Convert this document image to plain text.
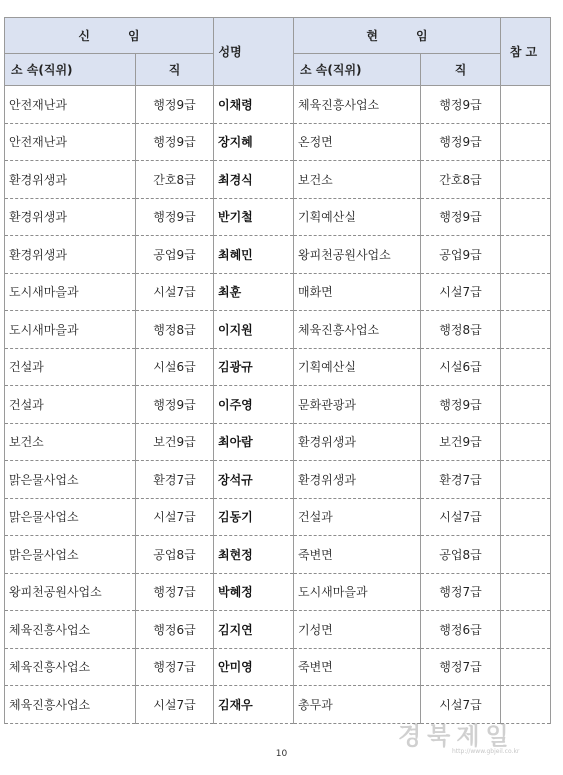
신임		성명	현임		참고
소 속(직위)	직		소 속(직위)	직	
안전재난과	행정9급	이채령	체육진흥사업소	행정9급	
안전재난과	행정9급	장지혜	온정면	행정9급	
환경위생과	간호8급	최경식	보건소	간호8급	
환경위생과	행정9급	반기철	기획예산실	행정9급	
환경위생과	공업9급	최혜민	왕피천공원사업소	공업9급	
도시새마을과	시설7급	최훈	매화면	시설7급	
도시새마을과	행정8급	이지원	체육진흥사업소	행정8급	
건설과	시설6급	김광규	기획예산실	시설6급	
건설과	행정9급	이주영	문화관광과	행정9급	
보건소	보건9급	최아람	환경위생과	보건9급	
맑은물사업소	환경7급	장석규	환경위생과	환경7급	
맑은물사업소	시설7급	김동기	건설과	시설7급	
맑은물사업소	공업8급	최현정	죽변면	공업8급	
왕피천공원사업소	행정7급	박혜정	도시새마을과	행정7급	
체육진흥사업소	행정6급	김지연	기성면	행정6급	
체육진흥사업소	행정7급	안미영	죽변면	행정7급	
체육진흥사업소	시설7급	김재우	총무과	시설7급	
10
경북제일
http://www.gbjeil.co.kr
